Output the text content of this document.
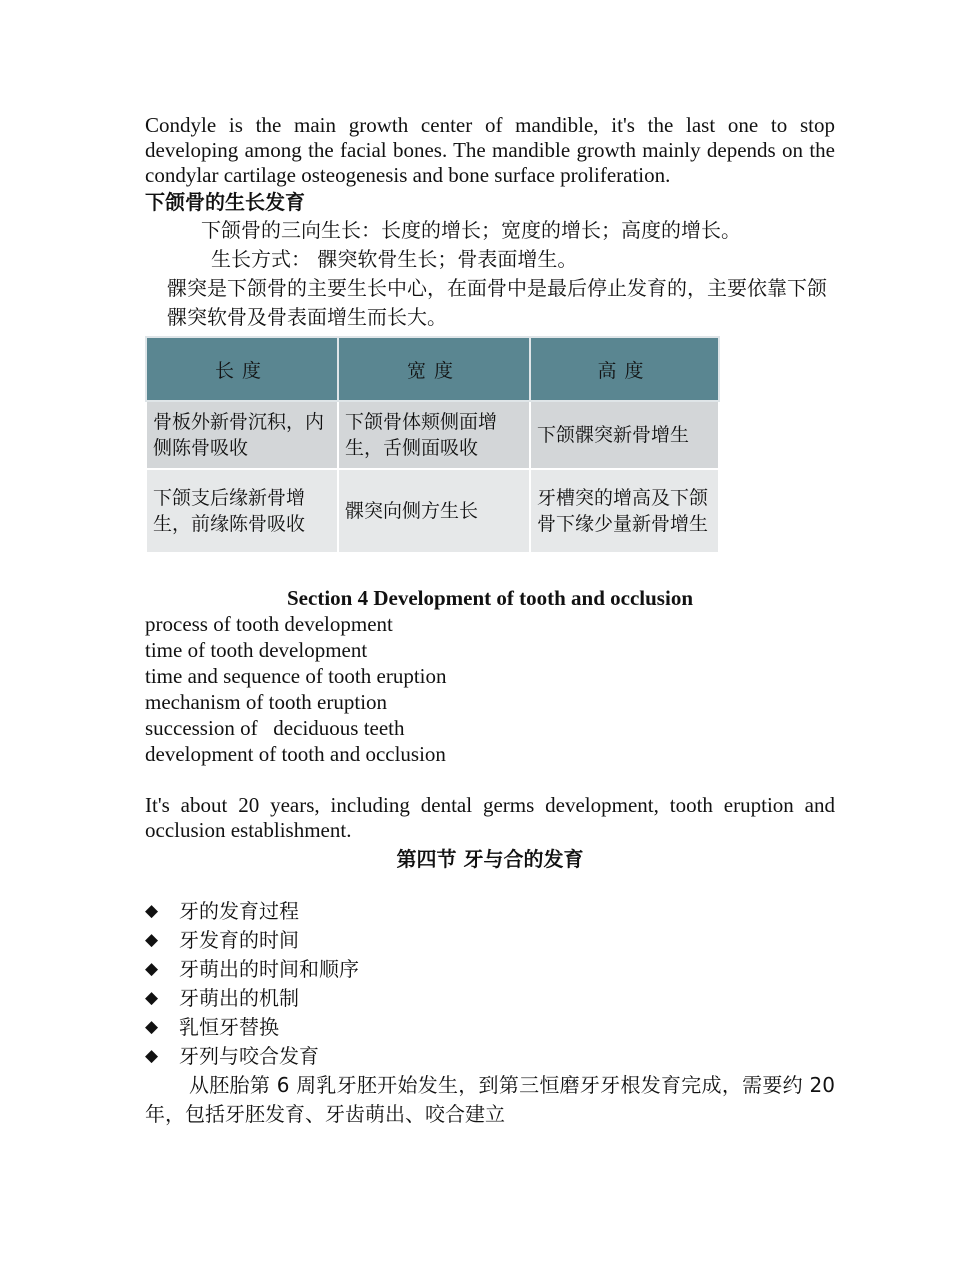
Condyle is the main growth center of mandible, it's the last one to stop developing among the facial bones. The mandible growth mainly depends on the condylar cartilage osteogenesis and bone surface proliferation.

下颌骨的生长发育

下颌骨的三向生长：长度的增长；宽度的增长；高度的增长。

生长方式： 髁突软骨生长；骨表面增生。

髁突是下颌骨的主要生长中心，在面骨中是最后停止发育的，主要依靠下颌髁突软骨及骨表面增生而长大。

长度	宽度	高度
骨板外新骨沉积，内侧陈骨吸收	下颌骨体颊侧面增生，舌侧面吸收	下颌髁突新骨增生
下颌支后缘新骨增生，前缘陈骨吸收	髁突向侧方生长	牙槽突的增高及下颌骨下缘少量新骨增生

Section 4 Development of tooth and occlusion

process of tooth development
time of tooth development
time and sequence of tooth eruption
mechanism of tooth eruption
succession of   deciduous teeth
development of tooth and occlusion

It's about 20 years, including dental germs development, tooth eruption and occlusion establishment.

第四节 牙与合的发育

◆	牙的发育过程
◆	牙发育的时间
◆	牙萌出的时间和顺序
◆	牙萌出的机制
◆	乳恒牙替换
◆	牙列与咬合发育

从胚胎第 6 周乳牙胚开始发生，到第三恒磨牙牙根发育完成，需要约 20 年，包括牙胚发育、牙齿萌出、咬合建立
